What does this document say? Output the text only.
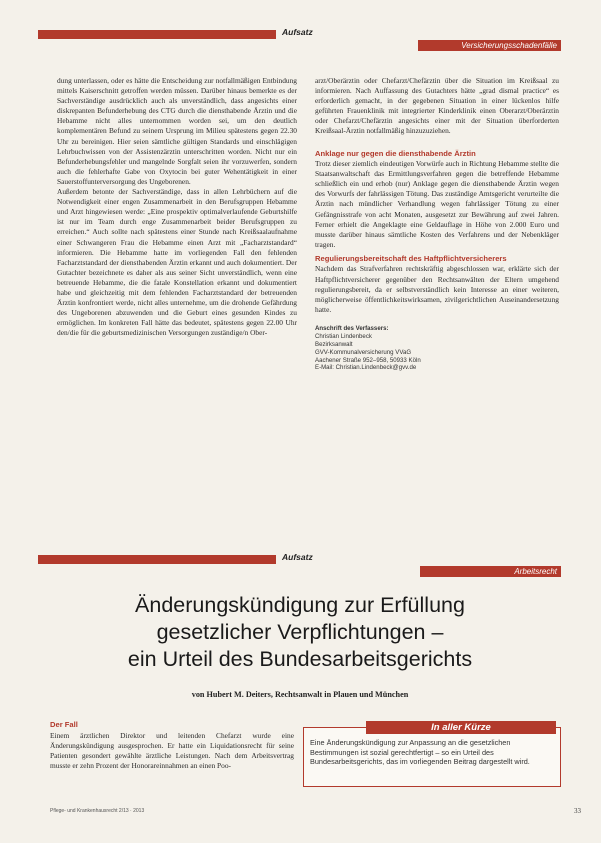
Aufsatz
Versicherungsschadenfälle

dung unterlassen, oder es hätte die Entscheidung zur notfallmäßigen Entbindung mittels Kaiserschnitt getroffen werden müssen. Darüber hinaus bemerkte es der Sachverständige ausdrücklich auch als unverständlich, dass angesichts einer diskrepanten Befunderhebung des CTG durch die diensthabende Ärztin und die Hebamme nicht alles unternommen worden sei, um den deutlich komplementären Befund zu seinem Ursprung im Milieu spätestens gegen 22.30 Uhr zu bereinigen. Hier seien sämtliche gültigen Standards und einschlägigen Lehrbuchwissen von der Assistenzärztin unterschritten worden. Nicht nur ein Befunderhebungsfehler und mangelnde Sorgfalt seien ihr vorzuwerfen, sondern auch die fehlerhafte Gabe von Oxytocin bei guter Wehentätigkeit in einer Sauerstoffunterversorgung des Ungeborenen.

Außerdem betonte der Sachverständige, dass in allen Lehrbüchern auf die Notwendigkeit einer engen Zusammenarbeit in den Berufsgruppen Hebamme und Arzt hingewiesen werde: „Eine prospektiv optimalverlaufende Geburtshilfe ist nur im Team durch enge Zusammenarbeit beider Berufsgruppen zu erreichen.“ Auch sollte nach spätestens einer Stunde nach Kreißsaalaufnahme einer Schwangeren Frau die Hebamme einen Arzt mit „Facharztstandard“ informieren. Die Hebamme hatte im vorliegenden Fall den fehlenden Facharztstandard der diensthabenden Ärztin erkannt und auch dokumentiert. Der Gutachter bezeichnete es daher als aus seiner Sicht unverständlich, wenn eine betreuende Hebamme, die die fatale Konstellation erkannt und dokumentiert habe und gleichzeitig mit dem fehlenden Facharztstandard der betreuenden Ärztin konfrontiert werde, nicht alles unternehme, um die drohende Gefährdung des Ungeborenen abzuwenden und die Geburt eines gesunden Kindes zu ermöglichen. Im konkreten Fall hätte das bedeutet, spätestens gegen 22.00 Uhr den/die für die geburtsmedizinischen Versorgungen zuständige/n Ober-

arzt/Oberärztin oder Chefarzt/Chefärztin über die Situation im Kreißsaal zu informieren. Nach Auffassung des Gutachters hätte „grad dismal practice“ es erforderlich gemacht, in der gegebenen Situation in einer lückenlos hilfe geführten Frauenklinik mit integrierter Kinderklinik einen Oberarzt/Oberärztin oder Chefarzt/Chefärztin angesichts einer mit der Situation überforderten Kreißsaal-Ärztin notfallmäßig hinzuzuziehen.

Anklage nur gegen die diensthabende Ärztin

Trotz dieser ziemlich eindeutigen Vorwürfe auch in Richtung Hebamme stellte die Staatsanwaltschaft das Ermittlungsverfahren gegen die betreffende Hebamme schließlich ein und erhob (nur) Anklage gegen die diensthabende Ärztin wegen des Vorwurfs der fahrlässigen Tötung. Das zuständige Amtsgericht verurteilte die Ärztin nach mündlicher Verhandlung wegen fahrlässiger Tötung zu einer Gefängnisstrafe von acht Monaten, ausgesetzt zur Bewährung auf zwei Jahren. Ferner erhielt die Angeklagte eine Geldauflage in Höhe von 2.000 Euro und musste darüber hinaus sämtliche Kosten des Verfahrens und der Nebenkläger tragen.

Regulierungsbereitschaft des Haftpflichtversicherers

Nachdem das Strafverfahren rechtskräftig abgeschlossen war, erklärte sich der Haftpflichtversicherer gegenüber den Rechtsanwälten der Eltern umgehend regulierungsbereit, da er selbstverständlich kein Interesse an einer weiteren, möglicherweise öffentlichkeitswirksamen, zivilgerichtlichen Auseinandersetzung hatte.

Anschrift des Verfassers:
Christian Lindenbeck
Bezirksanwalt
GVV-Kommunalversicherung VVaG
Aachener Straße 952–958, 50933 Köln
E-Mail: Christian.Lindenbeck@gvv.de
Aufsatz
Arbeitsrecht
Änderungskündigung zur Erfüllung
gesetzlicher Verpflichtungen –
ein Urteil des Bundesarbeitsgerichts
von Hubert M. Deiters, Rechtsanwalt in Plauen und München
Der Fall

Einem ärztlichen Direktor und leitenden Chefarzt wurde eine Änderungskündigung ausgesprochen. Er hatte ein Liquidationsrecht für seine Patienten gesondert gewählte ärztliche Leistungen. Nach dem Arbeitsvertrag musste er zehn Prozent der Honorareinnahmen an einen Poo-

In aller Kürze
Eine Änderungskündigung zur Anpassung an die gesetzlichen Bestimmungen ist sozial gerechtfertigt – so ein Urteil des Bundesarbeitsgerichts, das im vorliegenden Beitrag dargestellt wird.
Pflege- und Krankenhausrecht 2/13 · 2013	33
